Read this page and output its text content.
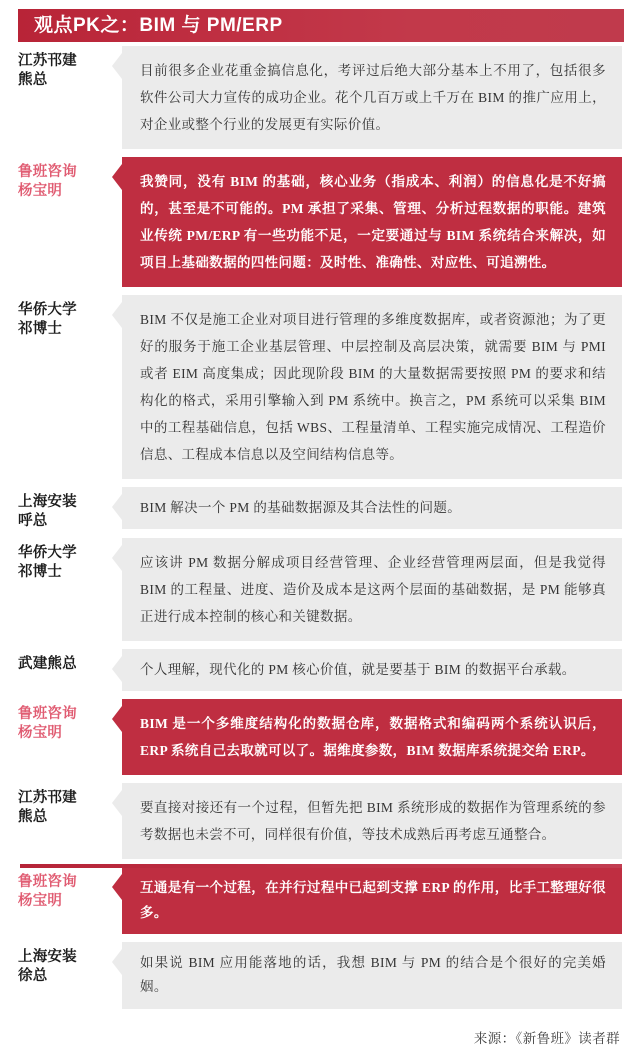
观点PK之：BIM 与 PM/ERP
江苏邗建
熊总
目前很多企业花重金搞信息化，考评过后绝大部分基本上不用了，包括很多软件公司大力宣传的成功企业。花个几百万或上千万在 BIM 的推广应用上，对企业或整个行业的发展更有实际价值。
鲁班咨询
杨宝明
我赞同，没有 BIM 的基础，核心业务（指成本、利润）的信息化是不好搞的，甚至是不可能的。PM 承担了采集、管理、分析过程数据的职能。建筑业传统 PM/ERP 有一些功能不足，一定要通过与 BIM 系统结合来解决，如项目上基础数据的四性问题：及时性、准确性、对应性、可追溯性。
华侨大学
祁博士
BIM 不仅是施工企业对项目进行管理的多维度数据库，或者资源池；为了更好的服务于施工企业基层管理、中层控制及高层决策，就需要 BIM 与 PMI 或者 EIM 高度集成；因此现阶段 BIM 的大量数据需要按照 PM 的要求和结构化的格式，采用引擎输入到 PM 系统中。换言之，PM 系统可以采集 BIM 中的工程基础信息，包括 WBS、工程量清单、工程实施完成情况、工程造价信息、工程成本信息以及空间结构信息等。
上海安装
呼总
BIM 解决一个 PM 的基础数据源及其合法性的问题。
华侨大学
祁博士
应该讲 PM 数据分解成项目经营管理、企业经营管理两层面，但是我觉得 BIM 的工程量、进度、造价及成本是这两个层面的基础数据，是 PM 能够真正进行成本控制的核心和关键数据。
武建熊总	个人理解，现代化的 PM 核心价值，就是要基于 BIM 的数据平台承载。
鲁班咨询
杨宝明
BIM 是一个多维度结构化的数据仓库，数据格式和编码两个系统认识后，ERP 系统自己去取就可以了。据维度参数，BIM 数据库系统提交给 ERP。
江苏邗建
熊总
要直接对接还有一个过程，但暂先把 BIM 系统形成的数据作为管理系统的参考数据也未尝不可，同样很有价值，等技术成熟后再考虑互通整合。
鲁班咨询
杨宝明
互通是有一个过程，在并行过程中已起到支撑 ERP 的作用，比手工整理好很多。
上海安装
徐总
如果说 BIM 应用能落地的话，我想 BIM 与 PM 的结合是个很好的完美婚姻。
来源：《新鲁班》读者群
